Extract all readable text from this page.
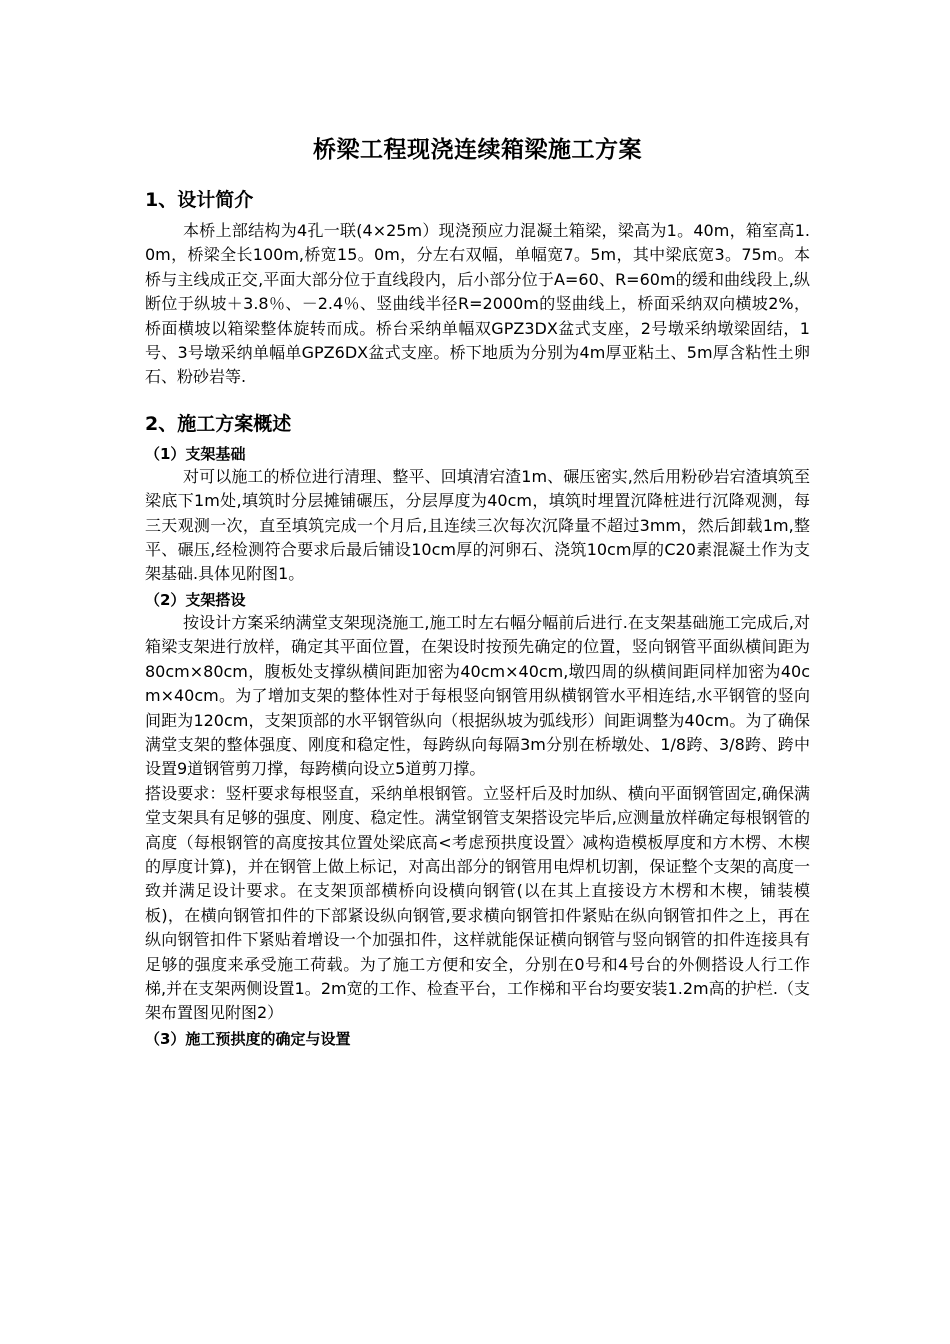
桥梁工程现浇连续箱梁施工方案
1、设计简介

本桥上部结构为4孔一联(4×25m）现浇预应力混凝土箱梁，梁高为1。40m，箱室高1.0m，桥梁全长100m,桥宽15。0m，分左右双幅，单幅宽7。5m，其中梁底宽3。75m。本桥与主线成正交,平面大部分位于直线段内，后小部分位于A=60、R=60m的缓和曲线段上,纵断位于纵坡＋3.8％、－2.4％、竖曲线半径R=2000m的竖曲线上，桥面采纳双向横坡2%，桥面横坡以箱梁整体旋转而成。桥台采纳单幅双GPZ3DX盆式支座，2号墩采纳墩梁固结，1号、3号墩采纳单幅单GPZ6DX盆式支座。桥下地质为分别为4m厚亚粘土、5m厚含粘性土卵石、粉砂岩等.

2、施工方案概述
（1）支架基础

对可以施工的桥位进行清理、整平、回填清宕渣1m、碾压密实,然后用粉砂岩宕渣填筑至梁底下1m处,填筑时分层摊铺碾压，分层厚度为40cm，填筑时埋置沉降桩进行沉降观测，每三天观测一次，直至填筑完成一个月后,且连续三次每次沉降量不超过3mm，然后卸载1m,整平、碾压,经检测符合要求后最后铺设10cm厚的河卵石、浇筑10cm厚的C20素混凝土作为支架基础.具体见附图1。

（2）支架搭设

按设计方案采纳满堂支架现浇施工,施工时左右幅分幅前后进行.在支架基础施工完成后,对箱梁支架进行放样，确定其平面位置，在架设时按预先确定的位置，竖向钢管平面纵横间距为80cm×80cm，腹板处支撑纵横间距加密为40cm×40cm,墩四周的纵横间距同样加密为40cm×40cm。为了增加支架的整体性对于每根竖向钢管用纵横钢管水平相连结,水平钢管的竖向间距为120cm，支架顶部的水平钢管纵向（根据纵坡为弧线形）间距调整为40cm。为了确保满堂支架的整体强度、刚度和稳定性，每跨纵向每隔3m分别在桥墩处、1/8跨、3/8跨、跨中设置9道钢管剪刀撑，每跨横向设立5道剪刀撑。

搭设要求：竖杆要求每根竖直，采纳单根钢管。立竖杆后及时加纵、横向平面钢管固定,确保满堂支架具有足够的强度、刚度、稳定性。满堂钢管支架搭设完毕后,应测量放样确定每根钢管的高度（每根钢管的高度按其位置处梁底高<考虑预拱度设置〉减构造模板厚度和方木楞、木楔的厚度计算)，并在钢管上做上标记，对高出部分的钢管用电焊机切割，保证整个支架的高度一致并满足设计要求。在支架顶部横桥向设横向钢管(以在其上直接设方木楞和木楔，铺装模板)，在横向钢管扣件的下部紧设纵向钢管,要求横向钢管扣件紧贴在纵向钢管扣件之上，再在纵向钢管扣件下紧贴着增设一个加强扣件，这样就能保证横向钢管与竖向钢管的扣件连接具有足够的强度来承受施工荷载。为了施工方便和安全，分别在0号和4号台的外侧搭设人行工作梯,并在支架两侧设置1。2m宽的工作、检查平台，工作梯和平台均要安装1.2m高的护栏.（支架布置图见附图2）

（3）施工预拱度的确定与设置
